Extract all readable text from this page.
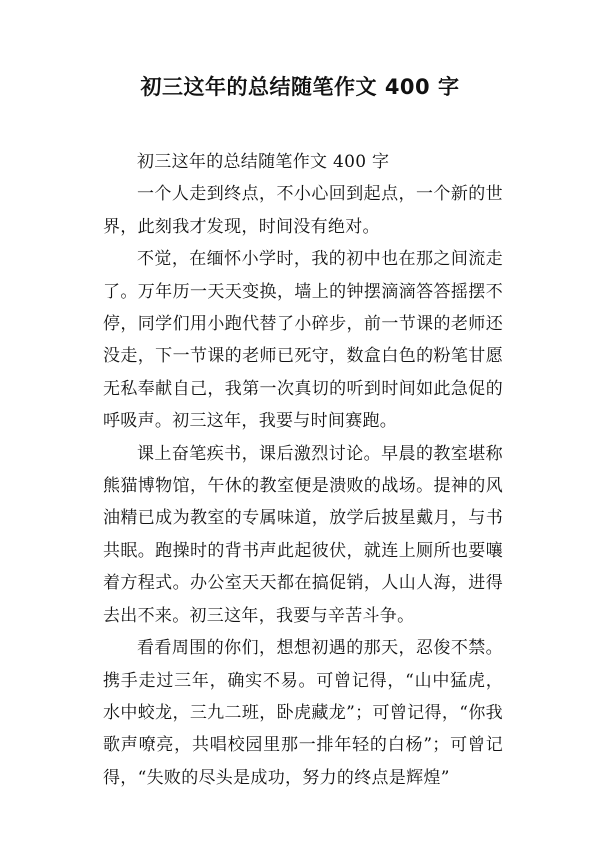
初三这年的总结随笔作文 400 字

初三这年的总结随笔作文 400 字

一个人走到终点，不小心回到起点，一个新的世界，此刻我才发现，时间没有绝对。

不觉，在缅怀小学时，我的初中也在那之间流走了。万年历一天天变换，墙上的钟摆滴滴答答摇摆不停，同学们用小跑代替了小碎步，前一节课的老师还没走，下一节课的老师已死守，数盒白色的粉笔甘愿无私奉献自己，我第一次真切的听到时间如此急促的呼吸声。初三这年，我要与时间赛跑。

课上奋笔疾书，课后激烈讨论。早晨的教室堪称熊猫博物馆，午休的教室便是溃败的战场。提神的风油精已成为教室的专属味道，放学后披星戴月，与书共眠。跑操时的背书声此起彼伏，就连上厕所也要嚷着方程式。办公室天天都在搞促销，人山人海，进得去出不来。初三这年，我要与辛苦斗争。

看看周围的你们，想想初遇的那天，忍俊不禁。携手走过三年，确实不易。可曾记得，“山中猛虎，水中蛟龙，三九二班，卧虎藏龙”；可曾记得，“你我歌声嘹亮，共唱校园里那一排年轻的白杨”；可曾记得，“失败的尽头是成功，努力的终点是辉煌”
